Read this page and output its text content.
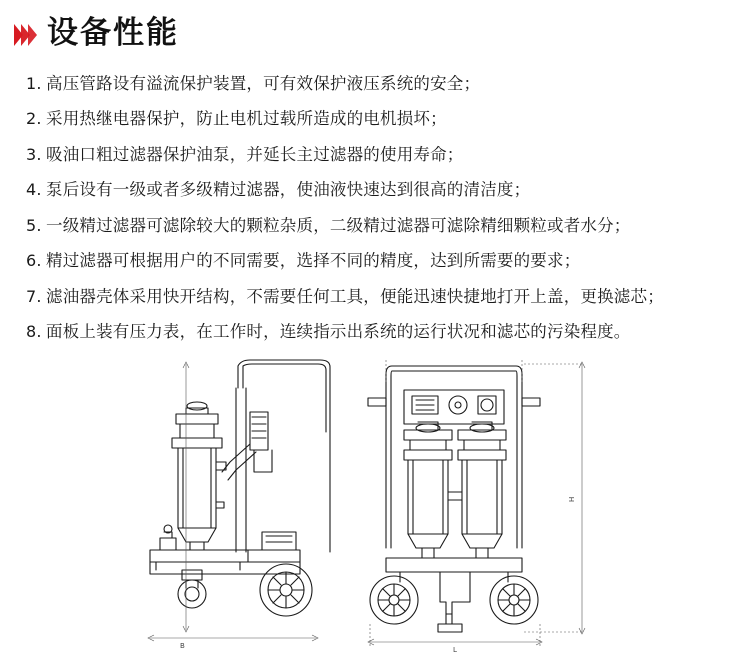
设备性能
1. 高压管路设有溢流保护装置，可有效保护液压系统的安全；
2. 采用热继电器保护，防止电机过载所造成的电机损坏；
3. 吸油口粗过滤器保护油泵，并延长主过滤器的使用寿命；
4. 泵后设有一级或者多级精过滤器，使油液快速达到很高的清洁度；
5. 一级精过滤器可滤除较大的颗粒杂质，二级精过滤器可滤除精细颗粒或者水分；
6. 精过滤器可根据用户的不同需要，选择不同的精度，达到所需要的要求；
7. 滤油器壳体采用快开结构，不需要任何工具，便能迅速快捷地打开上盖，更换滤芯；
8. 面板上装有压力表，在工作时，连续指示出系统的运行状况和滤芯的污染程度。
B	L
H
